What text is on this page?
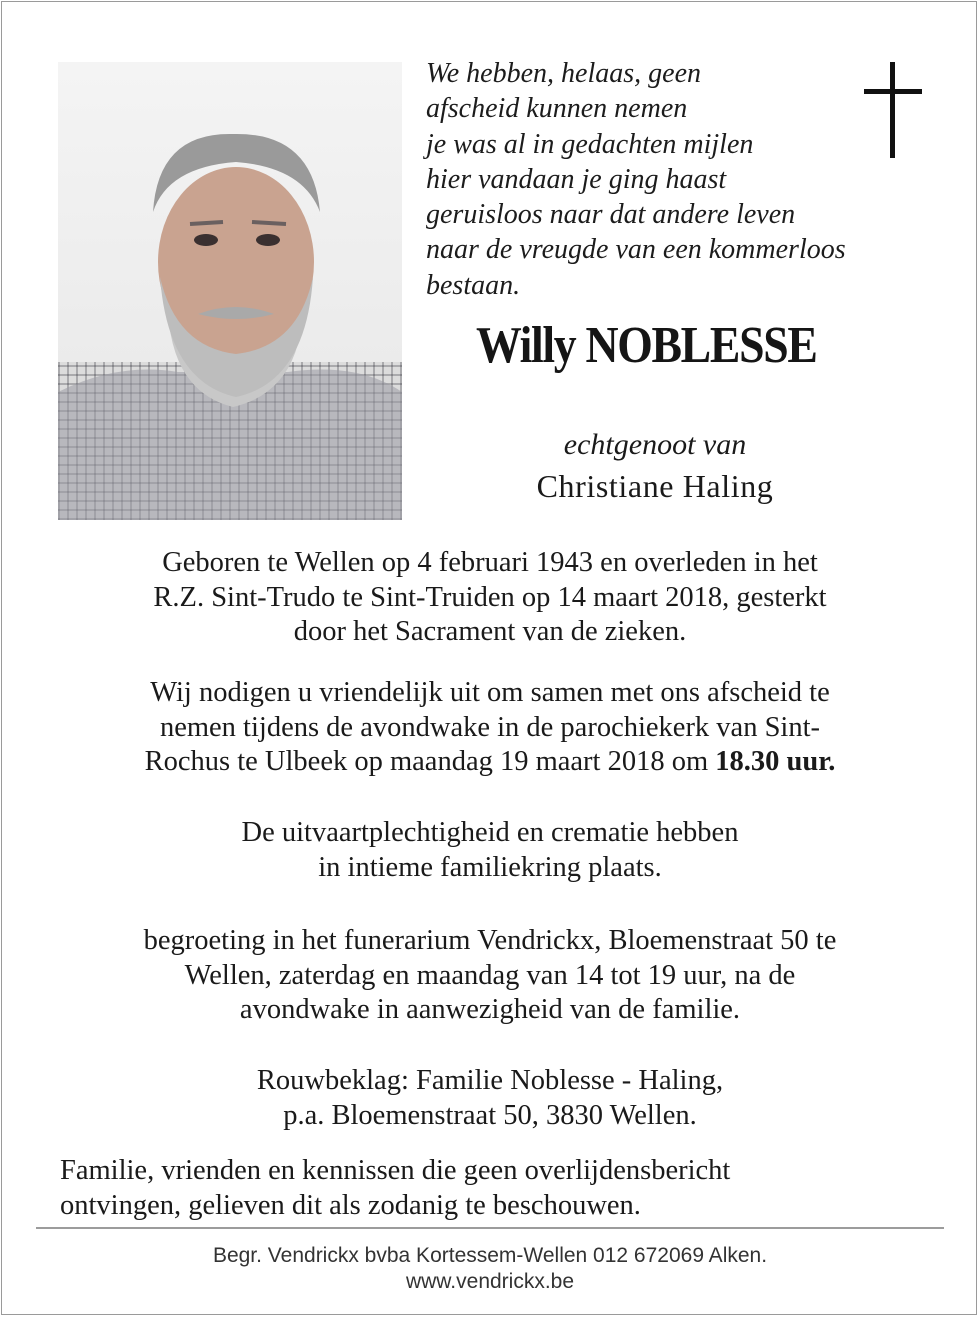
We hebben, helaas, geen
afscheid kunnen nemen
je was al in gedachten mijlen
hier vandaan je ging haast
geruisloos naar dat andere leven
naar de vreugde van een kommerloos
bestaan.
Willy NOBLESSE
echtgenoot van
Christiane Haling
Geboren te Wellen op 4 februari 1943 en overleden in het
R.Z. Sint-Trudo te Sint-Truiden op 14 maart 2018, gesterkt
door het Sacrament van de zieken.
Wij nodigen u vriendelijk uit om samen met ons afscheid te
nemen tijdens de avondwake in de parochiekerk van Sint-
Rochus te Ulbeek op maandag 19 maart 2018 om 18.30 uur.
De uitvaartplechtigheid en crematie hebben
in intieme familiekring plaats.
begroeting in het funerarium Vendrickx, Bloemenstraat 50 te
Wellen, zaterdag en maandag van 14 tot 19 uur, na de
avondwake in aanwezigheid van de familie.
Rouwbeklag: Familie Noblesse - Haling,
p.a. Bloemenstraat 50, 3830 Wellen.
Familie, vrienden en kennissen die geen overlijdensbericht
ontvingen, gelieven dit als zodanig te beschouwen.
Begr. Vendrickx bvba Kortessem-Wellen 012 672069 Alken.
www.vendrickx.be
